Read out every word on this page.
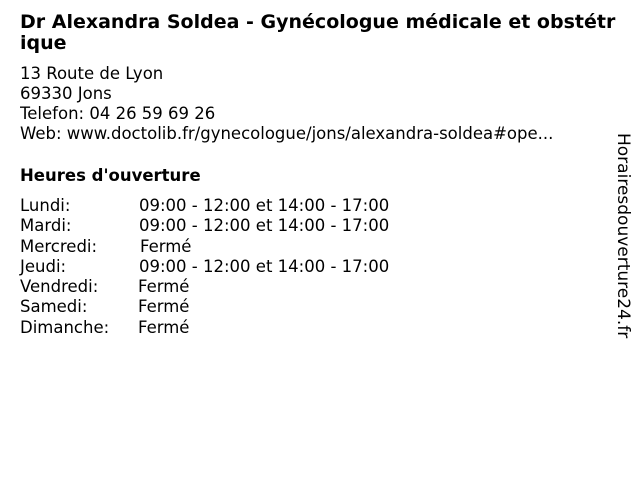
Dr Alexandra Soldea - Gynécologue médicale et obstétrique
13 Route de Lyon
69330 Jons
Telefon: 04 26 59 69 26
Web: www.doctolib.fr/gynecologue/jons/alexandra-soldea#ope...
Heures d'ouverture
Lundi:	09:00 - 12:00 et 14:00 - 17:00
Mardi:	09:00 - 12:00 et 14:00 - 17:00
Mercredi:	Fermé
Jeudi:	09:00 - 12:00 et 14:00 - 17:00
Vendredi:	Fermé
Samedi:	Fermé
Dimanche:	Fermé	Horairesdouverture24.fr
